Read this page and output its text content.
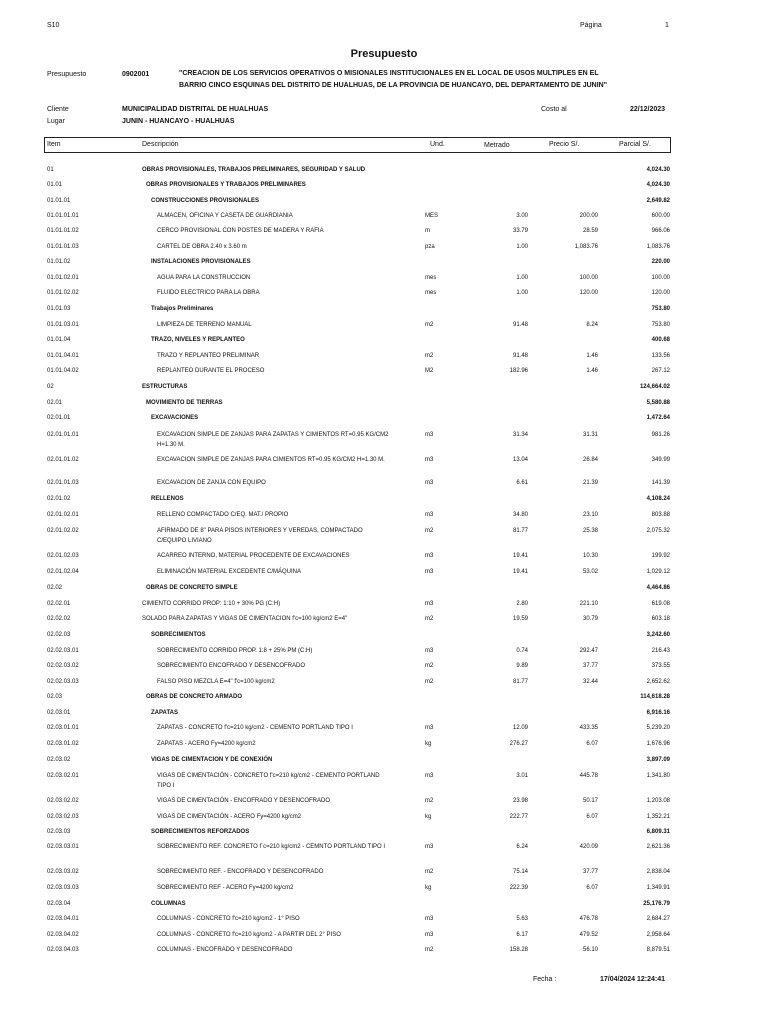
S10	Página	1
Presupuesto
Presupuesto	0902001	"CREACION DE LOS SERVICIOS OPERATIVOS O MISIONALES INSTITUCIONALES EN EL LOCAL DE USOS MULTIPLES EN EL BARRIO CINCO ESQUINAS DEL DISTRITO DE HUALHUAS, DE LA PROVINCIA DE HUANCAYO, DEL DEPARTAMENTO DE JUNIN"
Cliente	MUNICIPALIDAD DISTRITAL DE HUALHUAS	Costo al	22/12/2023
Lugar	JUNIN - HUANCAYO - HUALHUAS
Item	Descripción	Und.	Metrado	Precio S/.	Parcial S/.
01	OBRAS PROVISIONALES, TRABAJOS PRELIMINARES, SEGURIDAD Y SALUD	4,024.30
01.01	OBRAS PROVISIONALES Y TRABAJOS PRELIMINARES	4,024.30
01.01.01	CONSTRUCCIONES PROVISIONALES	2,649.82
01.01.01.01	ALMACEN, OFICINA Y CASETA DE GUARDIANIA	MES	3.00	200.00	600.00
01.01.01.02	CERCO PROVISIONAL CON POSTES DE MADERA Y RAFIA	m	33.79	28.59	966.06
01.01.01.03	CARTEL DE OBRA 2.40 x 3.60 m	pza	1.00	1,083.76	1,083.76
01.01.02	INSTALACIONES PROVISIONALES	220.00
01.01.02.01	AGUA PARA LA CONSTRUCCION	mes	1.00	100.00	100.00
01.01.02.02	FLUIDO ELECTRICO PARA LA OBRA	mes	1.00	120.00	120.00
01.01.03	Trabajos Preliminares	753.80
01.01.03.01	LIMPIEZA DE TERRENO MANUAL	m2	91.48	8.24	753.80
01.01.04	TRAZO, NIVELES Y REPLANTEO	400.68
01.01.04.01	TRAZO Y REPLANTEO PRELIMINAR	m2	91.48	1.46	133.56
01.01.04.02	REPLANTEO DURANTE EL PROCESO	M2	182.96	1.46	267.12
02	ESTRUCTURAS	124,664.02
02.01	MOVIMIENTO DE TIERRAS	5,580.88
02.01.01	EXCAVACIONES	1,472.64
02.01.01.01	EXCAVACION SIMPLE DE ZANJAS PARA ZAPATAS Y CIMIENTOS RT=0.95 KG/CM2 H=1.30 M.
m3	31.34	31.31	981.26
02.01.01.02	EXCAVACION SIMPLE DE ZANJAS PARA CIMIENTOS RT=0.95 KG/CM2 H=1.30 M.	m3	13.04	26.84	349.99
02.01.01.03	EXCAVACION DE ZANJA CON EQUIPO	m3	6.61	21.39	141.39
02.01.02	RELLENOS	4,108.24
02.01.02.01	RELLENO COMPACTADO C/EQ. MAT./ PROPIO	m3	34.80	23.10	803.88
02.01.02.02	AFIRMADO DE 8" PARA PISOS INTERIORES Y VEREDAS, COMPACTADO C/EQUIPO LIVIANO
m2	81.77	25.38	2,075.32
02.01.02.03	ACARREO INTERNO, MATERIAL PROCEDENTE DE EXCAVACIONES	m3	19.41	10.30	199.92
02.01.02.04	ELIMINACIÓN MATERIAL EXCEDENTE C/MÁQUINA	m3	19.41	53.02	1,029.12
02.02	OBRAS DE CONCRETO SIMPLE	4,464.86
02.02.01	CIMIENTO CORRIDO PROP: 1:10 + 30% PG (C:H)	m3	2.80	221.10	619.08
02.02.02	SOLADO PARA ZAPATAS Y VIGAS DE CIMENTACION f'c=100 kg/cm2 E=4"	m2	19.59	30.79	603.18
02.02.03	SOBRECIMIENTOS	3,242.60
02.02.03.01	SOBRECIMIENTO CORRIDO PROP. 1:8 + 25% PM (C:H)	m3	0.74	292.47	216.43
02.02.03.02	SOBRECIMIENTO ENCOFRADO Y DESENCOFRADO	m2	9.89	37.77	373.55
02.02.03.03	FALSO PISO MEZCLA E=4" f'c=100 kg/cm2	m2	81.77	32.44	2,652.62
02.03	OBRAS DE CONCRETO ARMADO	114,618.28
02.03.01	ZAPATAS	6,916.16
02.03.01.01	ZAPATAS - CONCRETO f'c=210 kg/cm2 - CEMENTO PORTLAND TIPO I	m3	12.09	433.35	5,239.20
02.03.01.02	ZAPATAS - ACERO Fy=4200 kg/cm2	kg	276.27	6.07	1,676.96
02.03.02	VIGAS DE CIMENTACION Y DE CONEXIÓN	3,897.09
02.03.02.01	VIGAS DE CIMENTACIÓN - CONCRETO f'c=210 kg/cm2 - CEMENTO PORTLAND TIPO I
m3	3.01	445.78	1,341.80
02.03.02.02	VIGAS DE CIMENTACIÓN - ENCOFRADO Y DESENCOFRADO	m2	23.98	50.17	1,203.08
02.03.02.03	VIGAS DE CIMENTACIÓN - ACERO Fy=4200 kg/cm2	kg	222.77	6.07	1,352.21
02.03.03	SOBRECIMIENTOS REFORZADOS	6,809.31
02.03.03.01	SOBRECIMIENTO REF. CONCRETO f´c=210 kg/cm2 - CEMNTO PORTLAND TIPO I	m3	6.24	420.09	2,621.36
02.03.03.02	SOBRECIMIENTO REF. - ENCOFRADO Y DESENCOFRADO	m2	75.14	37.77	2,838.04
02.03.03.03	SOBRECIMIENTO REF - ACERO Fy=4200 kg/cm2	kg	222.39	6.07	1,349.91
02.03.04	COLUMNAS	25,176.79
02.03.04.01	COLUMNAS - CONCRETO f'c=210 kg/cm2 - 1° PISO	m3	5.63	476.78	2,684.27
02.03.04.02	COLUMNAS - CONCRETO f'c=210 kg/cm2 - A PARTIR DEL 2° PISO	m3	6.17	479.52	2,958.64
02.03.04.03	COLUMNAS - ENCOFRADO Y DESENCOFRADO	m2	158.28	56.10	8,879.51
Fecha :	17/04/2024 12:24:41
